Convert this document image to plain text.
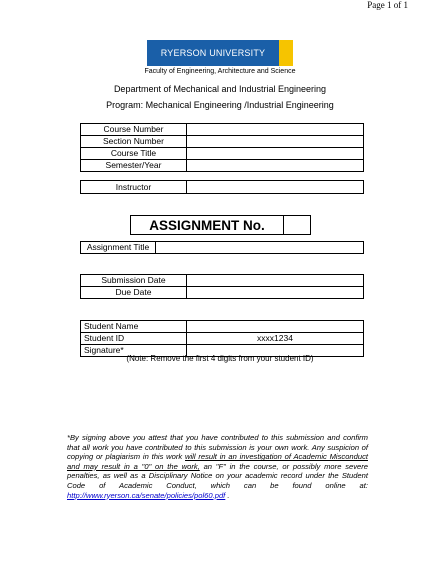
Page 1 of 1
RYERSON UNIVERSITY
Faculty of Engineering, Architecture and Science
Department of Mechanical and Industrial Engineering
Program: Mechanical Engineering /Industrial Engineering
Course Number	
Section Number	
Course Title	
Semester/Year	
Instructor	
ASSIGNMENT No.	
Assignment Title	
Submission Date	
Due Date	
Student Name	
Student ID	xxxx1234
Signature*	
(Note: Remove the first 4 digits from your student ID)
*By signing above you attest that you have contributed to this submission and confirm that all work you have contributed to this submission is your own work. Any suspicion of copying or plagiarism in this work will result in an investigation of Academic Misconduct and may result in a "0" on the work, an "F" in the course, or possibly more severe penalties, as well as a Disciplinary Notice on your academic record under the Student Code of Academic Conduct, which can be found online at: http://www.ryerson.ca/senate/policies/pol60.pdf .
